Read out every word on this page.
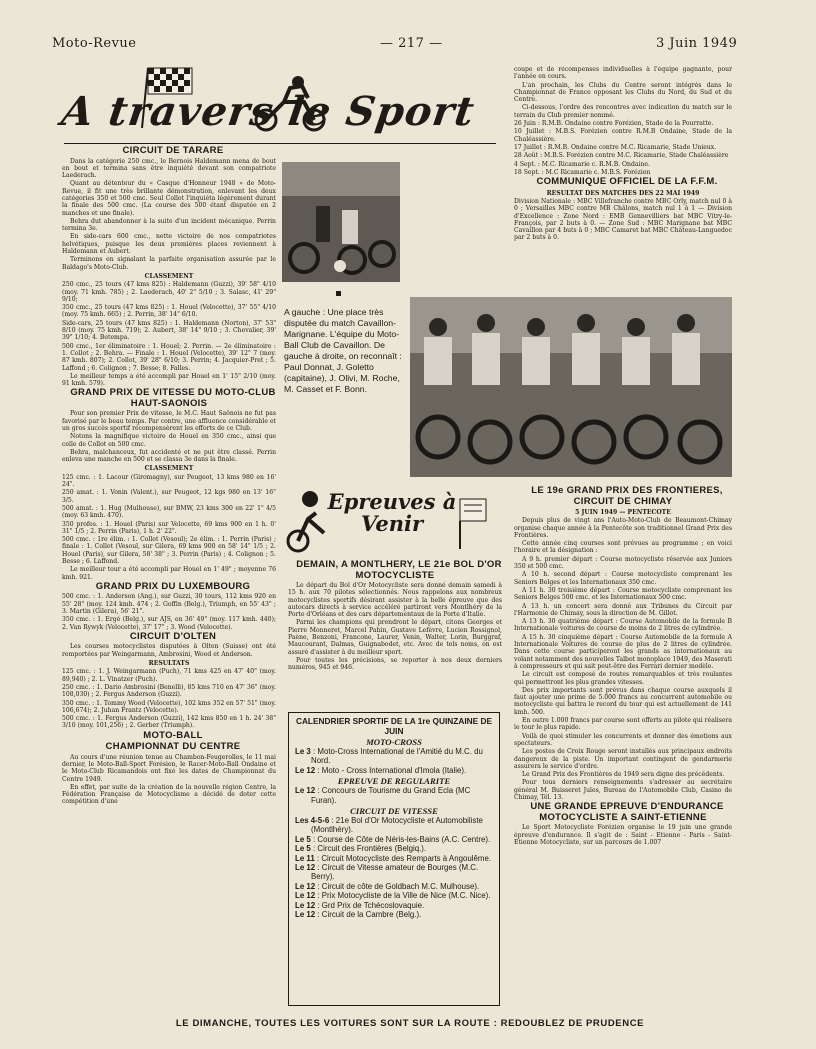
Moto-Revue	— 217 —	3 Juin 1949
A travers le Sport

CIRCUIT DE TARARE

Dans la catégorie 250 cmc., le Bernois Haldemann mena de bout en bout et termina sans être inquiété devant son compatriote Laederach.

Quant au détenteur du « Casque d'Honneur 1948 » de Moto-Revue, il fit une très brillante démonstration, enlevant les deux catégories 350 et 500 cmc. Seul Collot l'inquiéta légèrement durant la finale des 500 cmc. (La course des 500 étant disputée en 2 manches et une finale).

Behra dut abandonner à la suite d'un incident mécanique. Perrin termina 3e.

En side-cars 600 cmc., nette victoire de nos compatriotes helvétiques, puisque les deux premières places reviennent à Haldemann et Aubert.

Terminons en signalant la parfaite organisation assurée par le Baldago's Moto-Club.

CLASSEMENT

250 cmc., 25 tours (47 kms 825) : Haldemann (Guzzi), 39' 58" 4/10 (moy. 71 kmh. 785) ; 2. Laederach, 40' 2" 5/10 ; 3. Salasc, 41' 29" 9/10;

350 cmc., 25 tours (47 kms 825) : 1. Houel (Velocette), 37' 55" 4/10 (moy. 75 kmh. 665) ; 2. Perrin, 38' 14" 6/10.

Side-cars, 25 tours (47 kms 825) : 1. Haldemann (Norton), 37' 53" 8/10 (moy. 75 kmh. 719); 2. Aubert, 38' 14" 9/10 ; 3. Chevalier, 39' 39" 1/10; 4. Betempa.

500 cmc., 1er éliminatoire : 1. Houel; 2. Perrin. — 2e éliminatoire : 1. Collot ; 2. Behra. — Finale : 1. Houel (Velocette), 39' 12" 7 (moy. 87 kmh. 807); 2. Collot, 39' 28" 6/10; 3. Perrin; 4. Jacquier-Pret ; 5. Laffond ; 6. Colignon ; 7. Besse; 8. Falles.

Le meilleur temps a été accompli par Houel en 1' 15" 2/10 (moy. 91 kmh. 579).

GRAND PRIX DE VITESSE DU MOTO-CLUB HAUT-SAONOIS

Pour son premier Prix de vitesse, le M.C. Haut Saônois ne fut pas favorisé par le beau temps. Par contre, une affluence considérable et un gros succès sportif récompensèrent les efforts de ce Club.

Notons la magnifique victoire de Houel en 350 cmc., ainsi que celle de Collot en 500 cmc.

Behra, malchanceux, fut accidenté et ne put être classé. Perrin enleva une manche en 500 et se classa 3e dans la finale.

CLASSEMENT

125 cmc. : 1. Lacour (Giromagny), sur Peugeot, 13 kms 980 en 16' 24".

250 amat. : 1. Vonin (Valent.), sur Peugeot, 12 kgs 980 en 13' 16" 3/5.

500 amat. : 1. Hug (Mulhouse), sur BMW, 23 kms 300 en 22' 1" 4/5 (moy. 63 kmh. 470).

350 profes. : 1. Houel (Paris) sur Velocette, 69 kms 900 en 1 h. 0' 31" 1/5 ; 2. Perrin (Paris), 1 h. 2' 22".

500 cmc. : 1re élim. : 1. Collot (Vesoul); 2e élim. : 1. Perrin (Paris) ; finale : 1. Collot (Vesoul, sur Gilera, 69 kms 900 en 58' 14" 1/5 ; 2. Houel (Paris), sur Gilera, 58' 38" ; 3. Perrin (Paris) ; 4. Colignon ; 5. Besse ; 6. Laffond.

Le meilleur tour a été accompli par Houel en 1' 49" ; moyenne 76 kmh. 921.

GRAND PRIX DU LUXEMBOURG

500 cmc. : 1. Anderson (Ang.), sur Guzzi, 30 tours, 112 kms 920 en 55' 28" (moy. 124 kmh. 474 ; 2. Goffin (Belg.), Triumph, en 55' 43" ; 3. Martin (Gilera), 56' 21".

350 cmc. : 1. Ergé (Belg.), sur AJS, en 36' 49" (moy. 117 kmh. 440); 2. Van Rywyk (Velocette), 37' 17" ; 3. Wood (Velocette).

CIRCUIT D'OLTEN

Les courses motocyclistes disputées à Olten (Suisse) ont été remportées par Weingarmann, Ambrosini, Wood et Anderson.

RESULTATS

125 cmc. : 1. J. Weingarmann (Puch), 71 kms 425 en 47' 40" (moy. 89,940) ; 2. L. Vinatzer (Puch).

250 cmc. : 1. Dario Ambrosini (Benelli), 85 kms 710 en 47' 36" (moy. 108,030) ; 2. Fergus Anderson (Guzzi).

350 cmc. : 1. Tommy Wood (Velocette), 102 kms 352 en 57' 51" (moy. 106,674); 2. Juhan Frantz (Velocette).

500 cmc. : 1. Fergus Anderson (Guzzi), 142 kms 850 en 1 h. 24' 38" 3/10 (moy. 101,256) ; 2. Gerber (Triumph).

MOTO-BALL

CHAMPIONNAT DU CENTRE

Au cours d'une réunion tenue au Chambon-Feugerolles, le 11 mai dernier, le Moto-Ball-Sport Forésien, le Racer-Moto-Ball Ondaine et le Moto-Club Ricamandois ont fixé les dates de Championnat du Centre 1949.

En effet, par suite de la création de la nouvelle région Centre, la Fédération Française de Motocyclisme a décidé de doter cette compétition d'une

A gauche : Une place très disputée du match Cavaillon-Marignane. L'équipe du Moto-Ball Club de Cavaillon. De gauche à droite, on reconnaît : Paul Donnat, J. Goletto (capitaine), J. Olivi, M. Roche, M. Casset et F. Bonn.
Epreuves à Venir

DEMAIN, A MONTLHERY, LE 21e BOL D'OR MOTOCYCLISTE

Le départ du Bol d'Or Motocycliste sera donné demain samedi à 15 h. aux 70 pilotes sélectionnés. Nous rappelons aux nombreux motocyclistes sportifs désirant assister à la belle épreuve que des autocars directs à service accéléré partiront vers Montlhéry de la Porte d'Orléans et des cars départementaux de la Porte d'Italie.

Parmi les champions qui prendront le départ, citons Georges et Pierre Monneret, Marcel Pahin, Gustave Lefèvre, Lucien Rossignol, Paène, Benzoni, Francone, Laurer, Venin, Walter, Lorin, Burggraf, Maucourant, Dalmas, Guignabodet, etc. Avec de tels noms, on est assuré d'assister à du meilleur sport.

Pour toutes les précisions, se reporter à nos deux derniers numéros, 945 et 946.

CALENDRIER SPORTIF DE LA 1re QUINZAINE DE JUIN
MOTO-CROSS
Le 3 : Moto-Cross International de l'Amitié du M.C. du Nord.
Le 12 : Moto - Cross International d'Imola (Italie).
EPREUVE DE REGULARITE
Le 12 : Concours de Tourisme du Grand Ecla (MC Furan).
CIRCUIT DE VITESSE
Les 4-5-6 : 21e Bol d'Or Motocycliste et Automobiliste (Montlhéry).
Le 5 : Course de Côte de Néris-les-Bains (A.C. Centre).
Le 5 : Circuit des Frontières (Belgiq.).
Le 11 : Circuit Motocycliste des Remparts à Angoulême.
Le 12 : Circuit de Vitesse amateur de Bourges (M.C. Berry).
Le 12 : Circuit de côte de Goldbach M.C. Mulhouse).
Le 12 : Prix Motocycliste de la Ville de Nice (M.C. Nice).
Le 12 : Grd Prix de Tchécoslovaquie.
Le 12 : Circuit de la Cambre (Belg.).

coupe et de récompenses individuelles à l'équipe gagnante, pour l'année en cours.

L'an prochain, les Clubs du Centre seront intégrés dans le Championnat de France opposant les Clubs du Nord, du Sud et du Centre.

Ci-dessous, l'ordre des rencontres avec indication du match sur le terrain du Club premier nommé.

26 Juin : R.M.B. Ondaine contre Forézien, Stade de la Pourratte.

10 Juillet : M.B.S. Forézien contre R.M.B Ondaine, Stade de la Chaléassière.

17 Juillet : R.M.B. Ondaine contre M.C. Ricamarie, Stade Unieux.

28 Août : M.B.S. Forézien contre M.C. Ricamarie, Stade Chaléassière

4 Sept. : M.C. Ricamarie c. R.M.B. Ondaine.

18 Sept. : M.C Ricamarie c. M.B.S. Forézien

COMMUNIQUE OFFICIEL DE LA F.F.M.

RESULTAT DES MATCHES DES 22 MAI 1949

Division Nationale : MBC Villefranche contre MBC Orly, match nul 0 à 0 ; Versailles MBC contre MB Châlons, match nul 1 à 1 — Division d'Excellence : Zone Nord : EMB Gennevilliers bat MBC Vitry-le-François, par 2 buts à 0. — Zone Sud : MBC Marignane bat MBC Cavaillon par 4 buts à 0 ; MBC Camaret bat MBC Château-Languedoc par 2 buts à 0.

LE 19e GRAND PRIX DES FRONTIERES, CIRCUIT DE CHIMAY

5 JUIN 1949 — PENTECOTE

Depuis plus de vingt ans l'Auto-Moto-Club de Beaumont-Chimay organise chaque année à la Pentecôte son traditionnel Grand Prix des Frontières.

Cette année cinq courses sont prévues au programme ; en voici l'horaire et la désignation :

A 9 h. premier départ : Course motocycliste réservée aux Juniors 350 et 500 cmc.

A 10 h. second départ : Course motocycliste comprenant les Seniors Belges et les Internationaux 350 cmc.

A 11 h. 30 troisième départ : Course motocycliste comprenant les Seniors Belges 500 cmc. et les Internationaux 500 cmc.

A 13 h. un concert sera donné aux Tribunes du Circuit par l'Harmonie de Chimay, sous la direction de M. Gillot.

A 13 h. 30 quatrième départ : Course Automobile de la formule B Internationale voitures de course de moins de 2 litres de cylindrée.

A 15 h. 30 cinquième départ : Course Automobile de la formule A Internationale Voitures de course de plus de 2 litres de cylindrée. Dans cette course participeront les grands as internationaux au volant notamment des nouvelles Talbot monoplace 1949, des Maserati à compresseurs et qui sait peut-être des Ferrari dernier modèle.

Le circuit est composé de routes remarquables et très roulantes qui permettront les plus grandes vitesses.

Des prix importants sont prévus dans chaque course auxquels il faut ajouter une prime de 5.000 francs au concurrent automobile ou motocycliste qui battra le record du tour qui est actuellement de 141 kmh. 500.

En outre 1.000 francs par course sont offerts au pilote qui réalisera le tour le plus rapide.

Voilà de quoi stimuler les concurrents et donner des émotions aux spectateurs.

Les postes de Croix Rouge seront installés aux principaux endroits dangereux de la piste. Un important contingent de gendarmerie assurera le service d'ordre.

Le Grand Prix des Frontières de 1949 sera digne des précédents.

Pour tous derniers renseignements s'adresser au secrétaire général M. Buisseret Jules, Bureau de l'Automobile Club, Casino de Chimay, Tél. 13.

UNE GRANDE EPREUVE D'ENDURANCE MOTOCYCLISTE A SAINT-ETIENNE

Le Sport Motocycliste Forézien organise le 19 juin une grande épreuve d'endurance. Il s'agit de : Saint - Etienne - Paris - Saint-Etienne Motocycliste, sur un parcours de 1.007

LE DIMANCHE, TOUTES LES VOITURES SONT SUR LA ROUTE : REDOUBLEZ DE PRUDENCE
